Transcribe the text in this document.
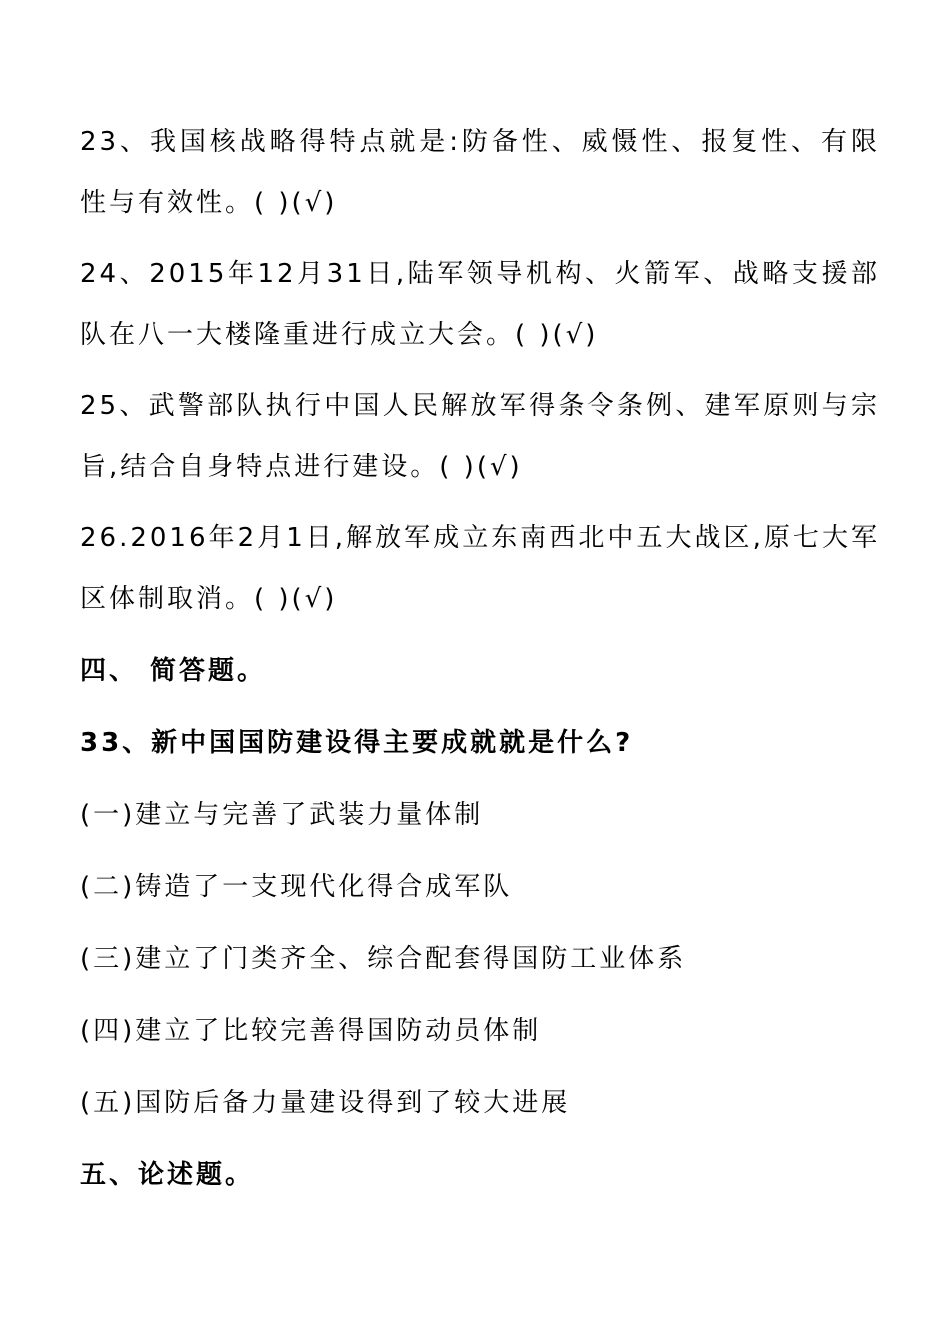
23、我国核战略得特点就是:防备性、威慑性、报复性、有限性与有效性。( )(√)

24、2015年12月31日,陆军领导机构、火箭军、战略支援部队在八一大楼隆重进行成立大会。( )(√)

25、武警部队执行中国人民解放军得条令条例、建军原则与宗旨,结合自身特点进行建设。( )(√)

26.2016年2月1日,解放军成立东南西北中五大战区,原七大军区体制取消。( )(√)

四、 简答题。

33、新中国国防建设得主要成就就是什么?

(一)建立与完善了武装力量体制

(二)铸造了一支现代化得合成军队

(三)建立了门类齐全、综合配套得国防工业体系

(四)建立了比较完善得国防动员体制

(五)国防后备力量建设得到了较大进展

五、论述题。
